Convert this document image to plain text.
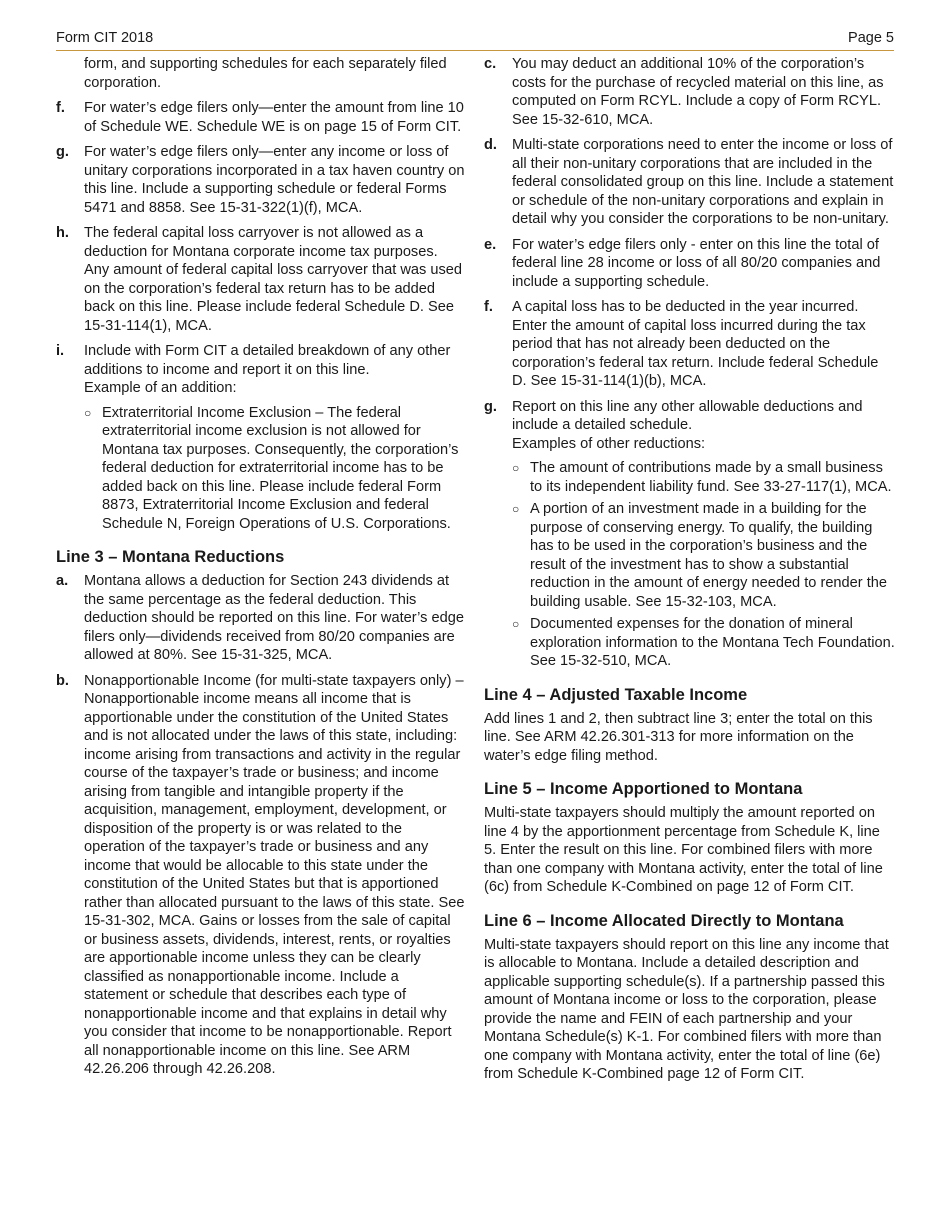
Form CIT 2018	Page 5

form, and supporting schedules for each separately filed corporation.

f. For water’s edge filers only—enter the amount from line 10 of Schedule WE. Schedule WE is on page 15 of Form CIT.

g. For water’s edge filers only—enter any income or loss of unitary corporations incorporated in a tax haven country on this line. Include a supporting schedule or federal Forms 5471 and 8858. See 15-31-322(1)(f), MCA.

h. The federal capital loss carryover is not allowed as a deduction for Montana corporate income tax purposes. Any amount of federal capital loss carryover that was used on the corporation’s federal tax return has to be added back on this line. Please include federal Schedule D. See 15-31-114(1), MCA.

i. Include with Form CIT a detailed breakdown of any other additions to income and report it on this line.

Example of an addition:

○ Extraterritorial Income Exclusion – The federal extraterritorial income exclusion is not allowed for Montana tax purposes. Consequently, the corporation’s federal deduction for extraterritorial income has to be added back on this line. Please include federal Form 8873, Extraterritorial Income Exclusion and federal Schedule N, Foreign Operations of U.S. Corporations.
Line 3 – Montana Reductions
a. Montana allows a deduction for Section 243 dividends at the same percentage as the federal deduction. This deduction should be reported on this line. For water’s edge filers only—dividends received from 80/20 companies are allowed at 80%. See 15-31-325, MCA.

b. Nonapportionable Income (for multi-state taxpayers only) – Nonapportionable income means all income that is apportionable under the constitution of the United States and is not allocated under the laws of this state, including: income arising from transactions and activity in the regular course of the taxpayer’s trade or business; and income arising from tangible and intangible property if the acquisition, management, employment, development, or disposition of the property is or was related to the operation of the taxpayer’s trade or business and any income that would be allocable to this state under the constitution of the United States but that is apportioned rather than allocated pursuant to the laws of this state. See 15-31-302, MCA. Gains or losses from the sale of capital or business assets, dividends, interest, rents, or royalties are apportionable income unless they can be clearly classified as nonapportionable income. Include a statement or schedule that describes each type of nonapportionable income and that explains in detail why you consider that income to be nonapportionable. Report all nonapportionable income on this line. See ARM 42.26.206 through 42.26.208.

c. You may deduct an additional 10% of the corporation’s costs for the purchase of recycled material on this line, as computed on Form RCYL. Include a copy of Form RCYL. See 15-32-610, MCA.

d. Multi-state corporations need to enter the income or loss of all their non-unitary corporations that are included in the federal consolidated group on this line. Include a statement or schedule of the non-unitary corporations and explain in detail why you consider the corporations to be non-unitary.

e. For water’s edge filers only - enter on this line the total of federal line 28 income or loss of all 80/20 companies and include a supporting schedule.

f. A capital loss has to be deducted in the year incurred. Enter the amount of capital loss incurred during the tax period that has not already been deducted on the corporation’s federal tax return. Include federal Schedule D. See 15-31-114(1)(b), MCA.

g. Report on this line any other allowable deductions and include a detailed schedule.

Examples of other reductions:

○ The amount of contributions made by a small business to its independent liability fund. See 33-27-117(1), MCA.
○ A portion of an investment made in a building for the purpose of conserving energy. To qualify, the building has to be used in the corporation’s business and the result of the investment has to show a substantial reduction in the amount of energy needed to render the building usable. See 15-32-103, MCA.
○ Documented expenses for the donation of mineral exploration information to the Montana Tech Foundation. See 15-32-510, MCA.
Line 4 – Adjusted Taxable Income

Add lines 1 and 2, then subtract line 3; enter the total on this line. See ARM 42.26.301-313 for more information on the water’s edge filing method.

Line 5 – Income Apportioned to Montana

Multi-state taxpayers should multiply the amount reported on line 4 by the apportionment percentage from Schedule K, line 5. Enter the result on this line. For combined filers with more than one company with Montana activity, enter the total of line (6c) from Schedule K-Combined on page 12 of Form CIT.

Line 6 – Income Allocated Directly to Montana

Multi-state taxpayers should report on this line any income that is allocable to Montana. Include a detailed description and applicable supporting schedule(s). If a partnership passed this amount of Montana income or loss to the corporation, please provide the name and FEIN of each partnership and your Montana Schedule(s) K-1. For combined filers with more than one company with Montana activity, enter the total of line (6e) from Schedule K-Combined page 12 of Form CIT.
